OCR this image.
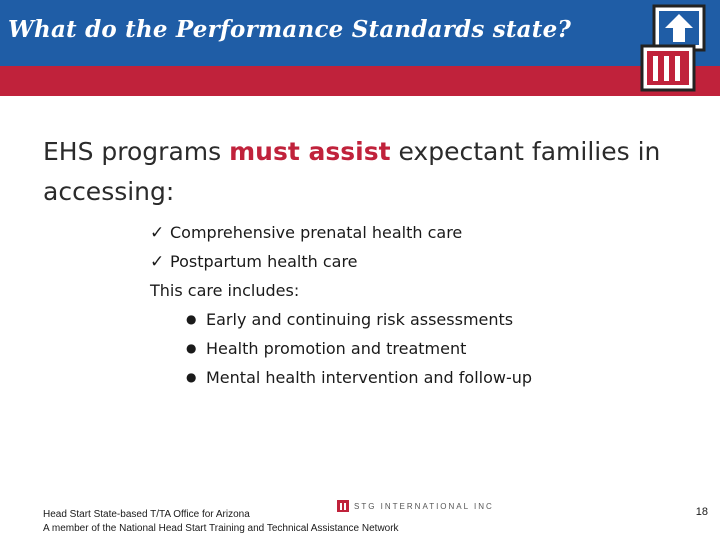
What do the Performance Standards state?
EHS programs must assist expectant families in accessing:
✓ Comprehensive prenatal health care
✓ Postpartum health care
This care includes:
● Early and continuing risk assessments
● Health promotion and treatment
● Mental health intervention and follow-up
Head Start State-based T/TA Office for Arizona
A member of the National Head Start Training and Technical Assistance Network
STG INTERNATIONAL INC	18
